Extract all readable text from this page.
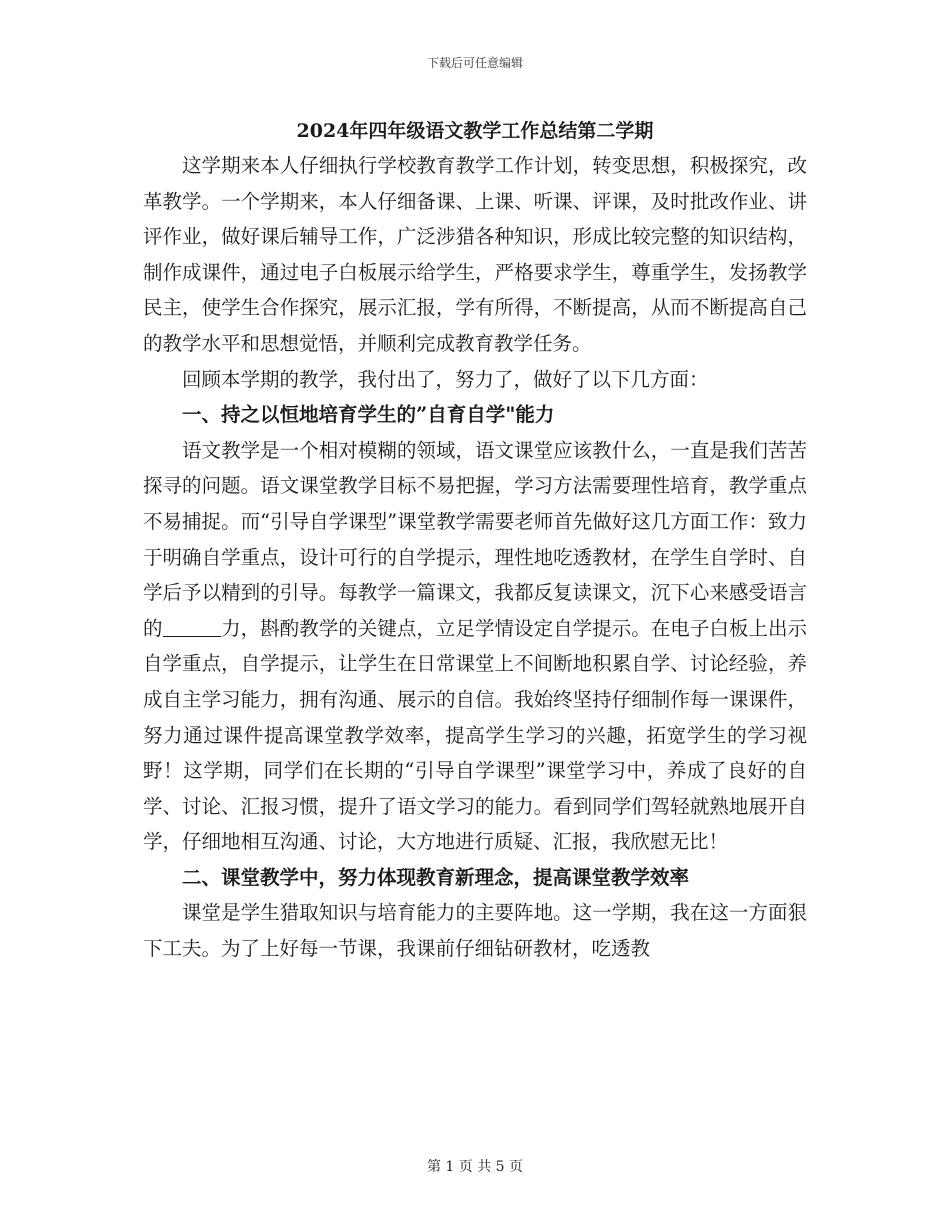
下载后可任意编辑
2024年四年级语文教学工作总结第二学期

这学期来本人仔细执行学校教育教学工作计划，转变思想，积极探究，改革教学。一个学期来，本人仔细备课、上课、听课、评课，及时批改作业、讲评作业，做好课后辅导工作，广泛涉猎各种知识，形成比较完整的知识结构，制作成课件，通过电子白板展示给学生，严格要求学生，尊重学生，发扬教学民主，使学生合作探究，展示汇报，学有所得，不断提高，从而不断提高自己的教学水平和思想觉悟，并顺利完成教育教学任务。

回顾本学期的教学，我付出了，努力了，做好了以下几方面：

一、持之以恒地培育学生的”自育自学"能力

语文教学是一个相对模糊的领域，语文课堂应该教什么，一直是我们苦苦探寻的问题。语文课堂教学目标不易把握，学习方法需要理性培育，教学重点不易捕捉。而“引导自学课型”课堂教学需要老师首先做好这几方面工作：致力于明确自学重点，设计可行的自学提示，理性地吃透教材，在学生自学时、自学后予以精到的引导。每教学一篇课文，我都反复读课文，沉下心来感受语言的	力，斟酌教学的关键点，立足学情设定自学提示。在电子白板上出示自学重点，自学提示，让学生在日常课堂上不间断地积累自学、讨论经验，养成自主学习能力，拥有沟通、展示的自信。我始终坚持仔细制作每一课课件，努力通过课件提高课堂教学效率，提高学生学习的兴趣，拓宽学生的学习视野！这学期，同学们在长期的“引导自学课型”课堂学习中，养成了良好的自学、讨论、汇报习惯，提升了语文学习的能力。看到同学们驾轻就熟地展开自学，仔细地相互沟通、讨论，大方地进行质疑、汇报，我欣慰无比！

二、课堂教学中，努力体现教育新理念，提高课堂教学效率

课堂是学生猎取知识与培育能力的主要阵地。这一学期，我在这一方面狠下工夫。为了上好每一节课，我课前仔细钻研教材，吃透教

第 1 页 共 5 页
